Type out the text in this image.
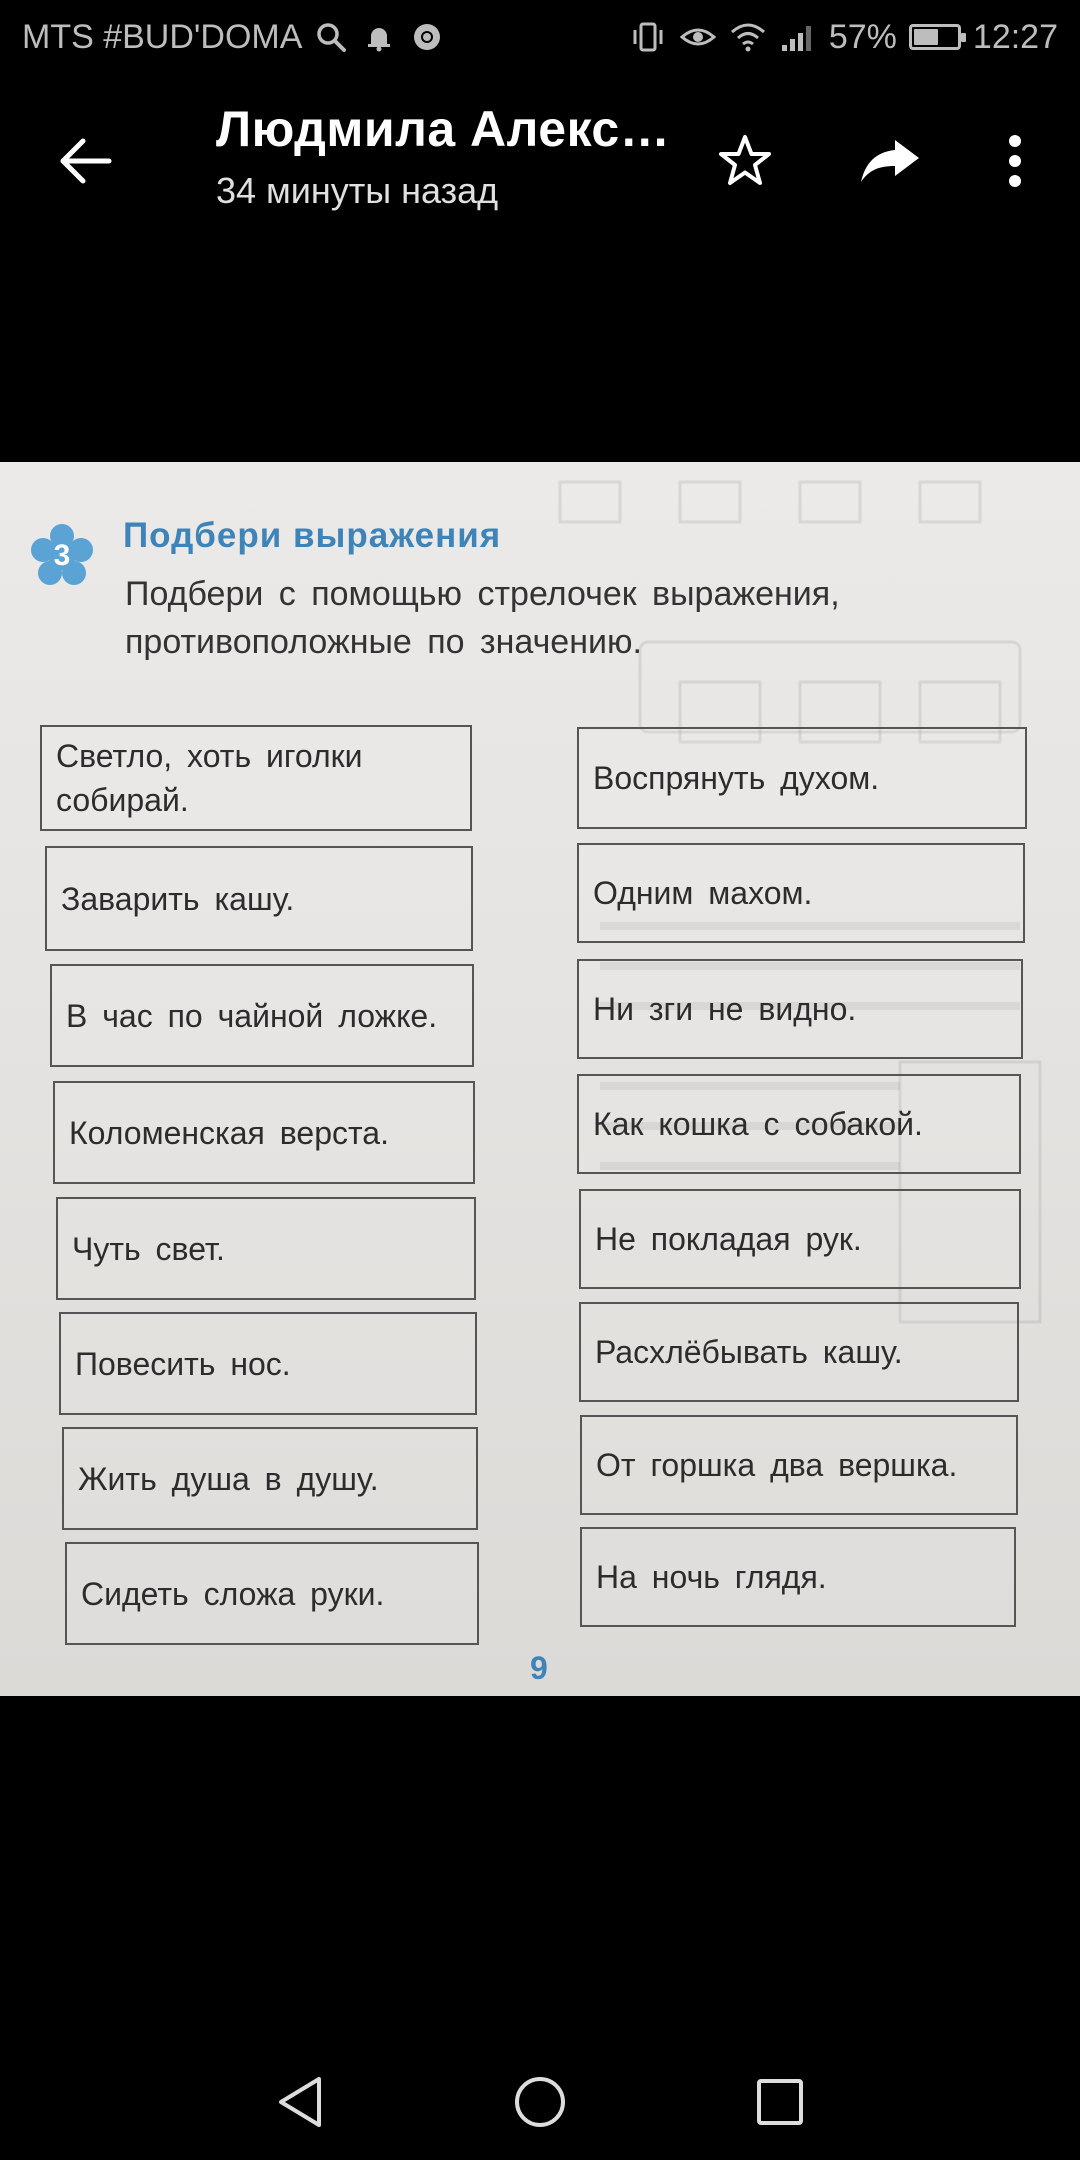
MTS #BUD'DOMA	57% 12:27
Людмила Алекс…
34 минуты назад
3
Подбери выражения
Подбери с помощью стрелочек выражения, противоположные по значению.
Светло, хоть иголки собирай.
Заварить кашу.
В час по чайной ложке.
Коломенская верста.
Чуть свет.
Повесить нос.
Жить душа в душу.
Сидеть сложа руки.
Воспрянуть духом.
Одним махом.
Ни зги не видно.
Как кошка с собакой.
Не покладая рук.
Расхлёбывать кашу.
От горшка два вершка.
На ночь глядя.
9
